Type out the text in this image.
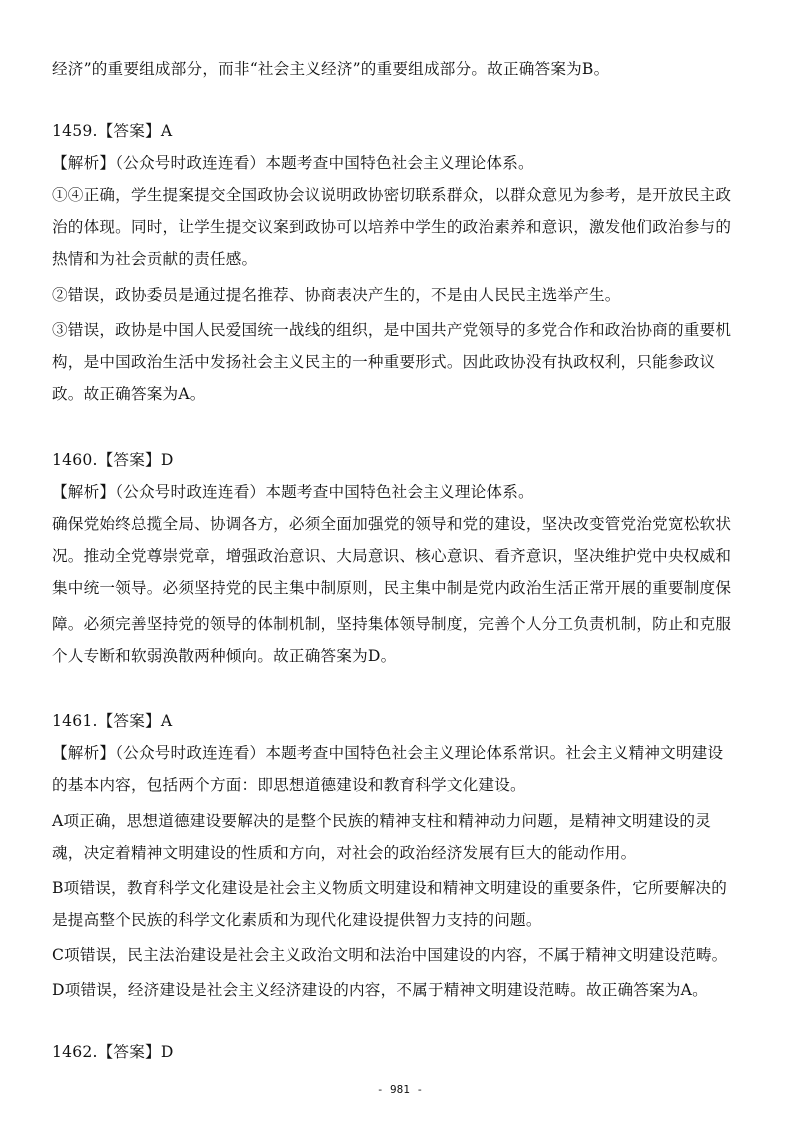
经济”的重要组成部分，而非“社会主义经济”的重要组成部分。故正确答案为B。
1459.【答案】A
【解析】（公众号时政连连看）本题考查中国特色社会主义理论体系。
①④正确，学生提案提交全国政协会议说明政协密切联系群众，以群众意见为参考，是开放民主政
治的体现。同时，让学生提交议案到政协可以培养中学生的政治素养和意识，激发他们政治参与的
热情和为社会贡献的责任感。
②错误，政协委员是通过提名推荐、协商表决产生的，不是由人民民主选举产生。
③错误，政协是中国人民爱国统一战线的组织，是中国共产党领导的多党合作和政治协商的重要机
构，是中国政治生活中发扬社会主义民主的一种重要形式。因此政协没有执政权利，只能参政议
政。故正确答案为A。
1460.【答案】D
【解析】（公众号时政连连看）本题考查中国特色社会主义理论体系。
确保党始终总揽全局、协调各方，必须全面加强党的领导和党的建设，坚决改变管党治党宽松软状
况。推动全党尊崇党章，增强政治意识、大局意识、核心意识、看齐意识，坚决维护党中央权威和
集中统一领导。必须坚持党的民主集中制原则，民主集中制是党内政治生活正常开展的重要制度保
障。必须完善坚持党的领导的体制机制，坚持集体领导制度，完善个人分工负责机制，防止和克服
个人专断和软弱涣散两种倾向。故正确答案为D。
1461.【答案】A
【解析】（公众号时政连连看）本题考查中国特色社会主义理论体系常识。社会主义精神文明建设
的基本内容，包括两个方面：即思想道德建设和教育科学文化建设。
A项正确，思想道德建设要解决的是整个民族的精神支柱和精神动力问题，是精神文明建设的灵
魂，决定着精神文明建设的性质和方向，对社会的政治经济发展有巨大的能动作用。
B项错误，教育科学文化建设是社会主义物质文明建设和精神文明建设的重要条件，它所要解决的
是提高整个民族的科学文化素质和为现代化建设提供智力支持的问题。
C项错误，民主法治建设是社会主义政治文明和法治中国建设的内容，不属于精神文明建设范畴。
D项错误，经济建设是社会主义经济建设的内容，不属于精神文明建设范畴。故正确答案为A。
1462.【答案】D
- 981 -
